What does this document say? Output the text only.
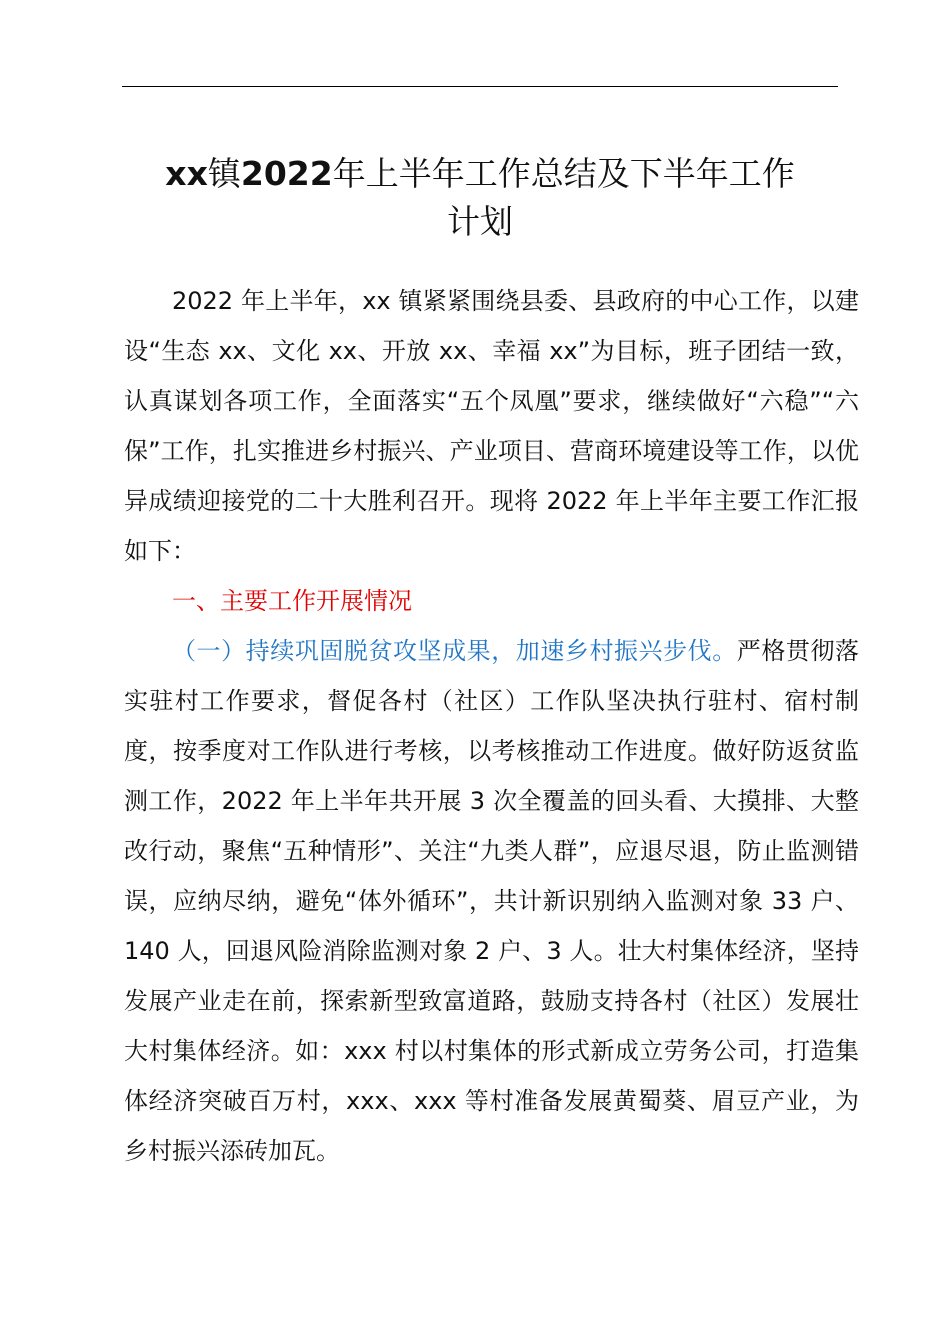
xx镇2022年上半年工作总结及下半年工作
计划

2022 年上半年，xx 镇紧紧围绕县委、县政府的中心工作，以建设“生态 xx、文化 xx、开放 xx、幸福 xx”为目标，班子团结一致，认真谋划各项工作，全面落实“五个凤凰”要求，继续做好“六稳”“六保”工作，扎实推进乡村振兴、产业项目、营商环境建设等工作，以优异成绩迎接党的二十大胜利召开。现将 2022 年上半年主要工作汇报如下：

一、主要工作开展情况

（一）持续巩固脱贫攻坚成果，加速乡村振兴步伐。严格贯彻落实驻村工作要求，督促各村（社区）工作队坚决执行驻村、宿村制度，按季度对工作队进行考核，以考核推动工作进度。做好防返贫监测工作，2022 年上半年共开展 3 次全覆盖的回头看、大摸排、大整改行动，聚焦“五种情形”、关注“九类人群”，应退尽退，防止监测错误，应纳尽纳，避免“体外循环”，共计新识别纳入监测对象 33 户、140 人，回退风险消除监测对象 2 户、3 人。壮大村集体经济，坚持发展产业走在前，探索新型致富道路，鼓励支持各村（社区）发展壮大村集体经济。如：xxx 村以村集体的形式新成立劳务公司，打造集体经济突破百万村，xxx、xxx 等村准备发展黄蜀葵、眉豆产业，为乡村振兴添砖加瓦。
